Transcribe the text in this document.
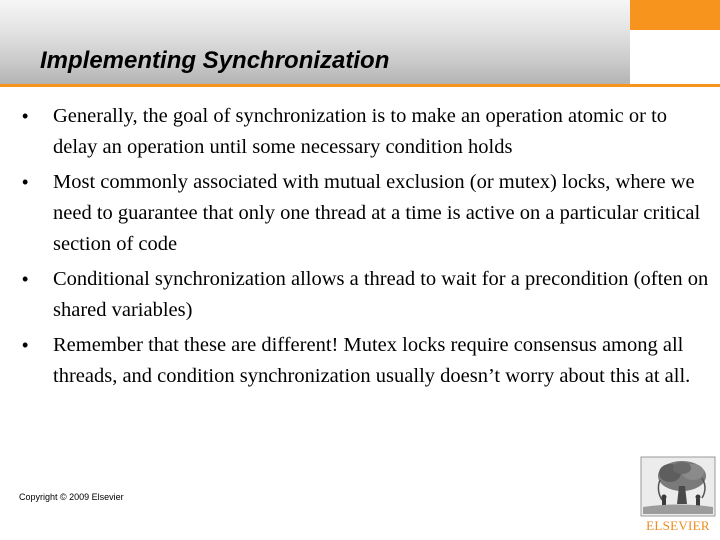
Implementing Synchronization
• Generally, the goal of synchronization is to make an operation atomic or to delay an operation until some necessary condition holds
• Most commonly associated with mutual exclusion (or mutex) locks, where we need to guarantee that only one thread at a time is active on a particular critical section of code
• Conditional synchronization allows a thread to wait for a precondition (often on shared variables)
• Remember that these are different! Mutex locks require consensus among all threads, and condition synchronization usually doesn’t worry about this at all.
Copyright © 2009 Elsevier
ELSEVIER
